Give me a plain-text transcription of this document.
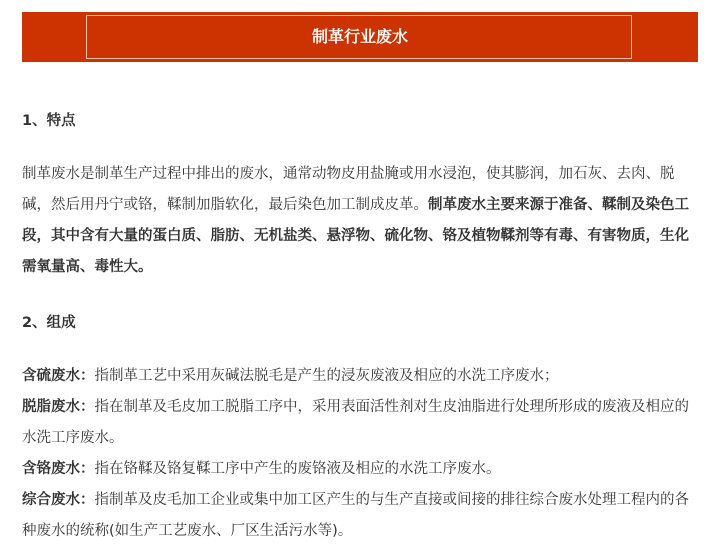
制革行业废水

1、特点

制革废水是制革生产过程中排出的废水，通常动物皮用盐腌或用水浸泡，使其膨润，加石灰、去肉、脱碱，然后用丹宁或铬，鞣制加脂软化，最后染色加工制成皮革。制革废水主要来源于准备、鞣制及染色工段，其中含有大量的蛋白质、脂肪、无机盐类、悬浮物、硫化物、铬及植物鞣剂等有毒、有害物质，生化需氧量高、毒性大。

2、组成

含硫废水：指制革工艺中采用灰碱法脱毛是产生的浸灰废液及相应的水洗工序废水；

脱脂废水：指在制革及毛皮加工脱脂工序中，采用表面活性剂对生皮油脂进行处理所形成的废液及相应的水洗工序废水。

含铬废水：指在铬鞣及铬复鞣工序中产生的废铬液及相应的水洗工序废水。

综合废水：指制革及皮毛加工企业或集中加工区产生的与生产直接或间接的排往综合废水处理工程内的各种废水的统称(如生产工艺废水、厂区生活污水等)。
